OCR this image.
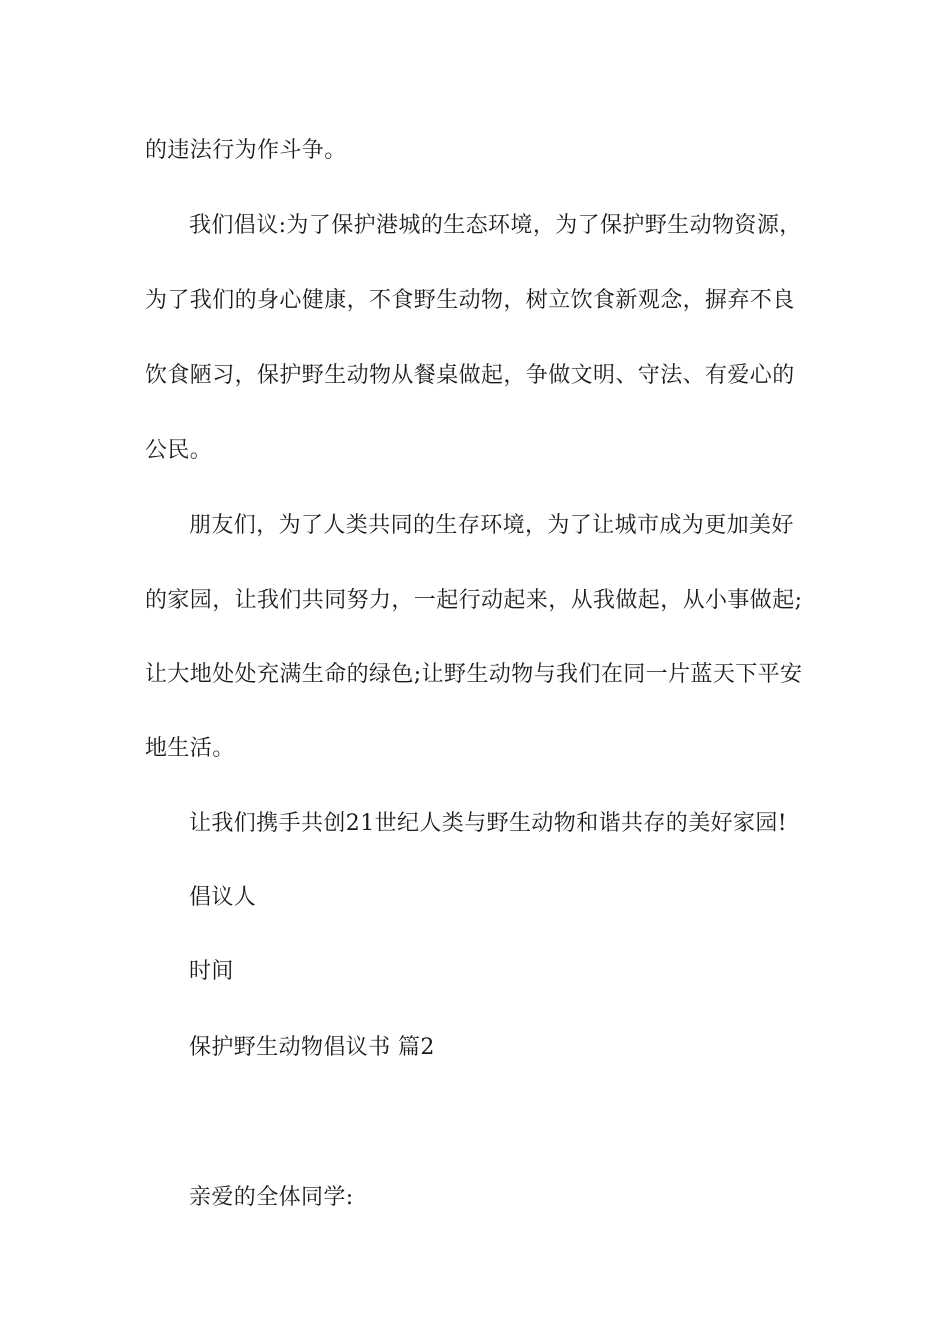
的违法行为作斗争。
我们倡议:为了保护港城的生态环境，为了保护野生动物资源，
为了我们的身心健康，不食野生动物，树立饮食新观念，摒弃不良
饮食陋习，保护野生动物从餐桌做起，争做文明、守法、有爱心的
公民。
朋友们，为了人类共同的生存环境，为了让城市成为更加美好
的家园，让我们共同努力，一起行动起来，从我做起，从小事做起;
让大地处处充满生命的绿色;让野生动物与我们在同一片蓝天下平安
地生活。
让我们携手共创21世纪人类与野生动物和谐共存的美好家园!
倡议人
时间
保护野生动物倡议书 篇2
亲爱的全体同学:
